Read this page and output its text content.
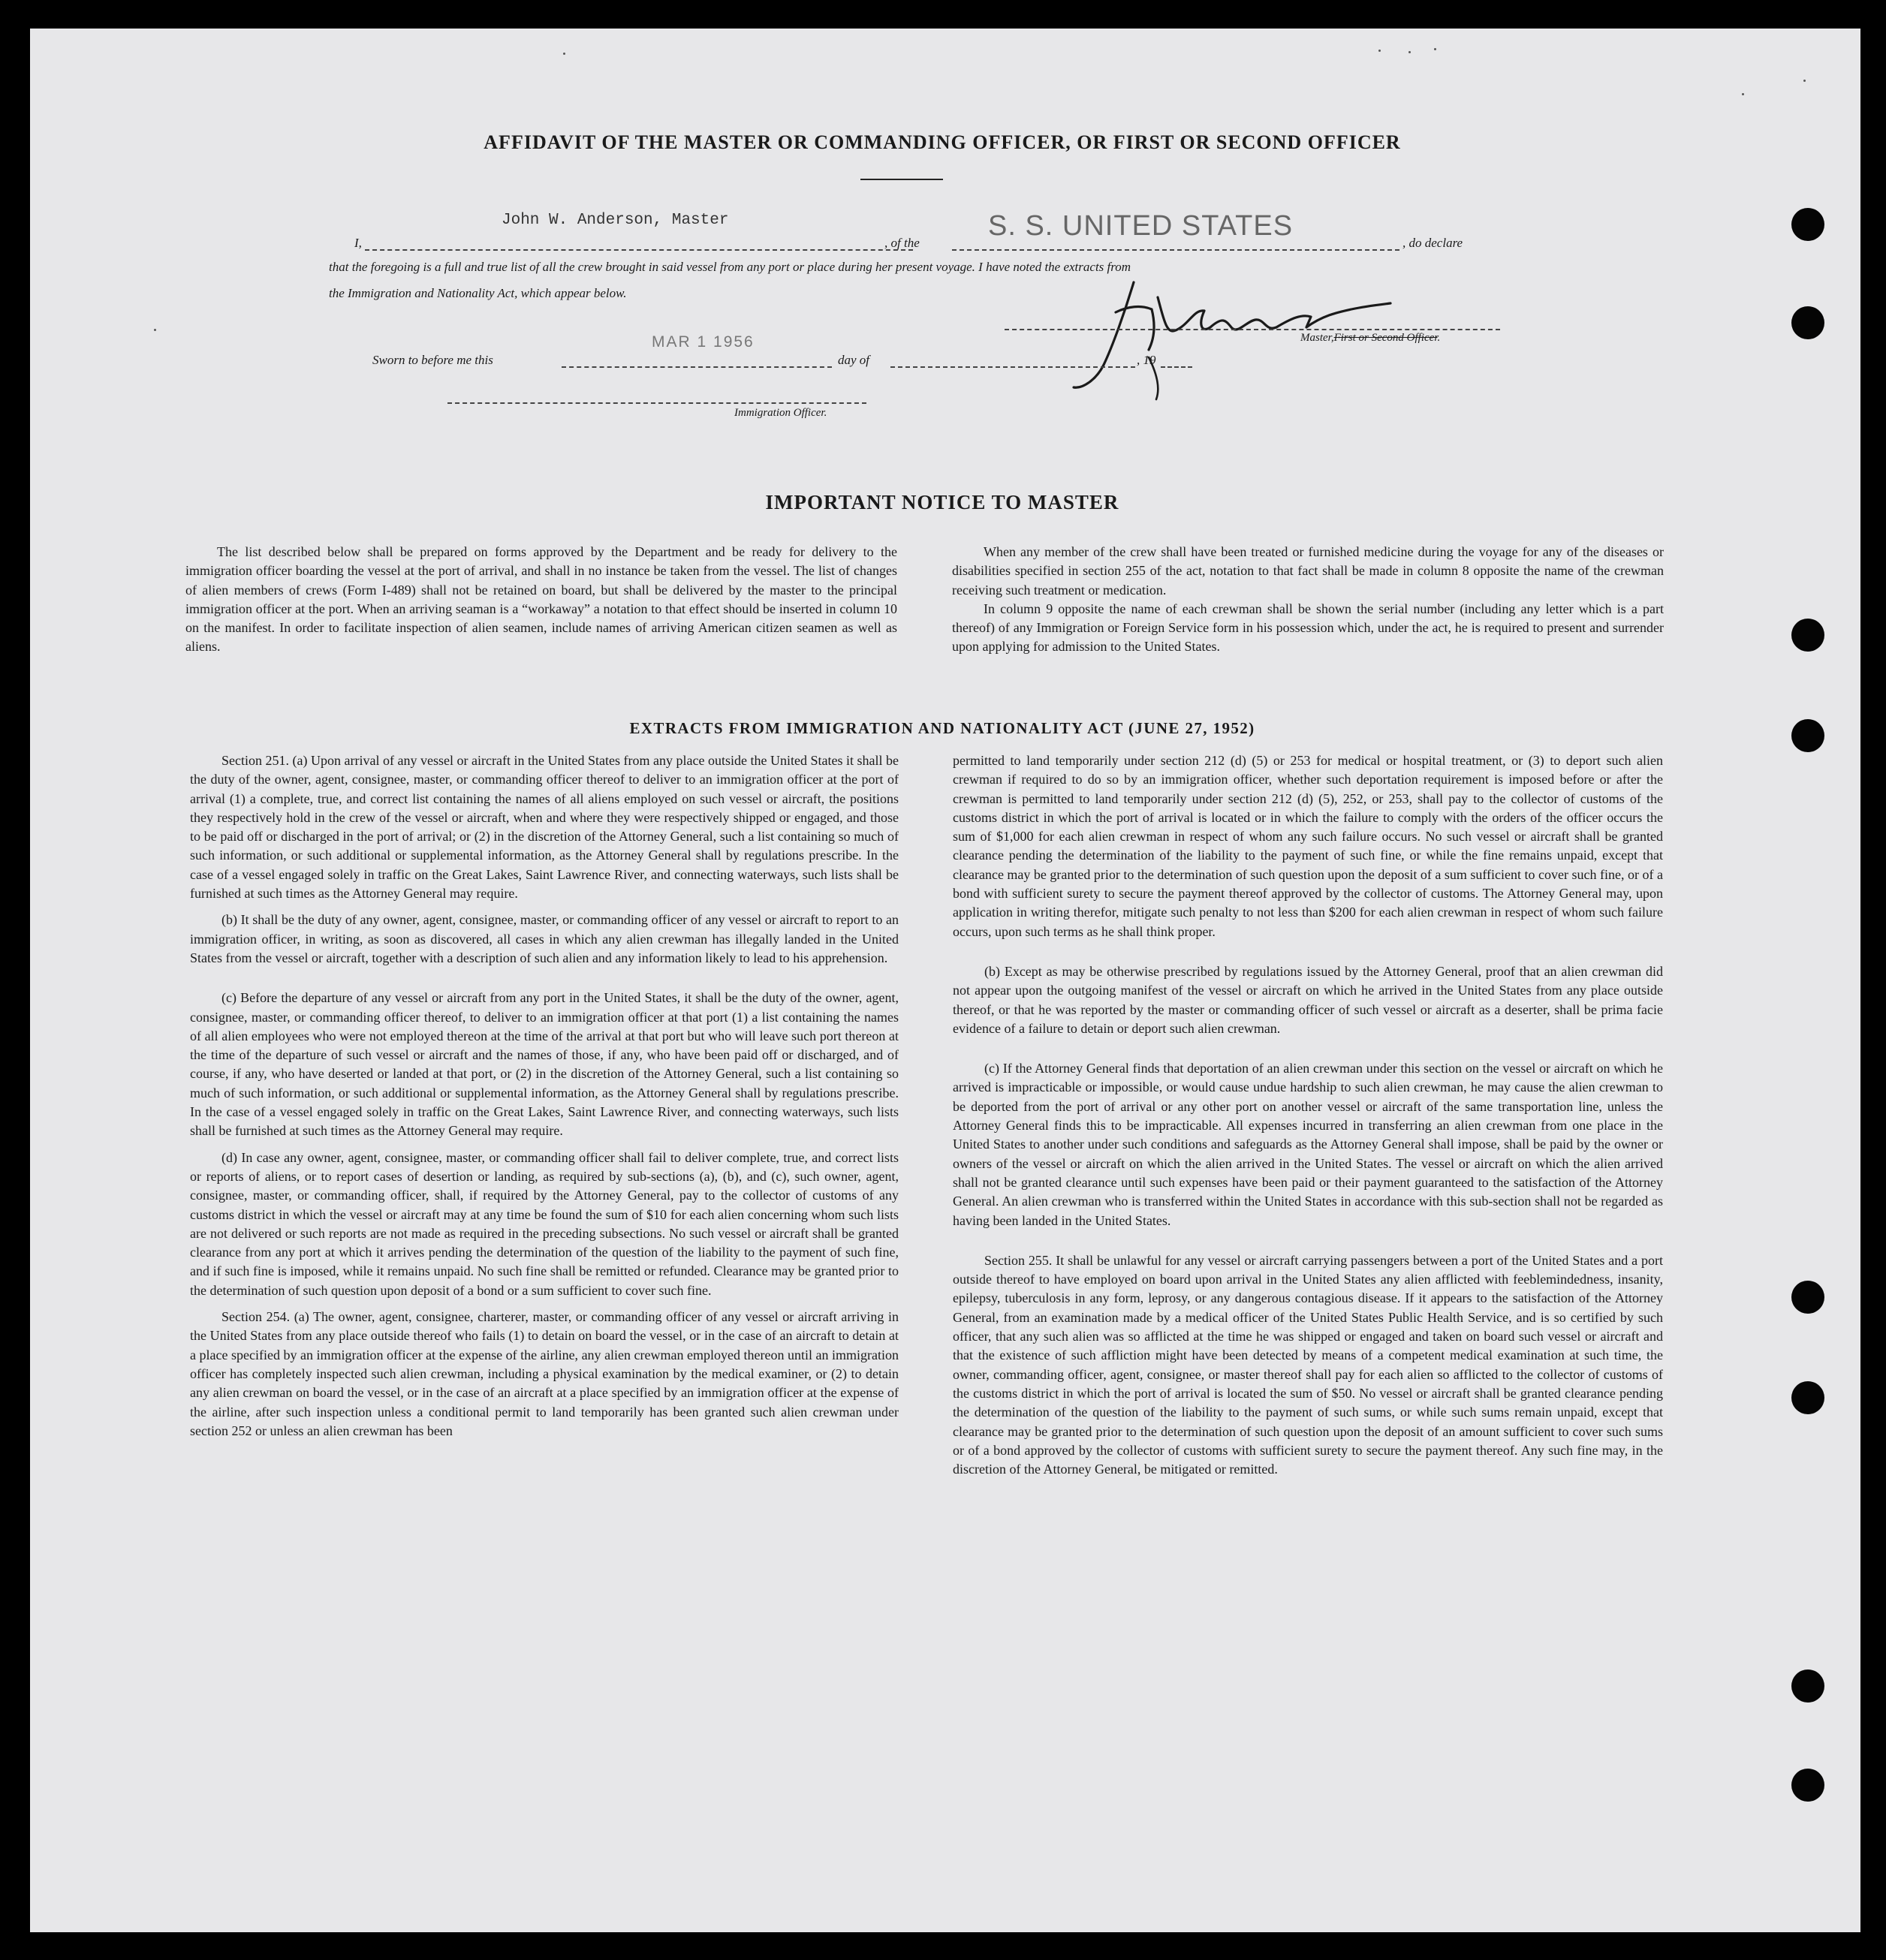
AFFIDAVIT OF THE MASTER OR COMMANDING OFFICER, OR FIRST OR SECOND OFFICER
I,
John W. Anderson, Master
, of the
S. S. UNITED STATES
, do declare
that the foregoing is a full and true list of all the crew brought in said vessel from any port or place during her present voyage. I have noted the extracts from
the Immigration and Nationality Act, which appear below.
Master,First or Second Officer.
Sworn to before me this
MAR 1 1956
day of	, 19
Immigration Officer.
IMPORTANT NOTICE TO MASTER

The list described below shall be prepared on forms approved by the Department and be ready for delivery to the immigration officer boarding the vessel at the port of arrival, and shall in no instance be taken from the vessel. The list of changes of alien members of crews (Form I-489) shall not be retained on board, but shall be delivered by the master to the principal immigration officer at the port. When an arriving seaman is a “workaway” a notation to that effect should be inserted in column 10 on the manifest. In order to facilitate inspection of alien seamen, include names of arriving American citizen seamen as well as aliens.

When any member of the crew shall have been treated or furnished medicine during the voyage for any of the diseases or disabilities specified in section 255 of the act, notation to that fact shall be made in column 8 opposite the name of the crewman receiving such treatment or medication.

In column 9 opposite the name of each crewman shall be shown the serial number (including any letter which is a part thereof) of any Immigration or Foreign Service form in his possession which, under the act, he is required to present and surrender upon applying for admission to the United States.

EXTRACTS FROM IMMIGRATION AND NATIONALITY ACT (JUNE 27, 1952)

Section 251. (a) Upon arrival of any vessel or aircraft in the United States from any place outside the United States it shall be the duty of the owner, agent, consignee, master, or commanding officer thereof to deliver to an immigration officer at the port of arrival (1) a complete, true, and correct list containing the names of all aliens employed on such vessel or aircraft, the positions they respectively hold in the crew of the vessel or aircraft, when and where they were respectively shipped or engaged, and those to be paid off or discharged in the port of arrival; or (2) in the discretion of the Attorney General, such a list containing so much of such information, or such additional or supplemental information, as the Attorney General shall by regulations prescribe. In the case of a vessel engaged solely in traffic on the Great Lakes, Saint Lawrence River, and connecting waterways, such lists shall be furnished at such times as the Attorney General may require.

(b) It shall be the duty of any owner, agent, consignee, master, or commanding officer of any vessel or aircraft to report to an immigration officer, in writing, as soon as discovered, all cases in which any alien crewman has illegally landed in the United States from the vessel or aircraft, together with a description of such alien and any information likely to lead to his apprehension.

(c) Before the departure of any vessel or aircraft from any port in the United States, it shall be the duty of the owner, agent, consignee, master, or commanding officer thereof, to deliver to an immigration officer at that port (1) a list containing the names of all alien employees who were not employed thereon at the time of the arrival at that port but who will leave such port thereon at the time of the departure of such vessel or aircraft and the names of those, if any, who have been paid off or discharged, and of course, if any, who have deserted or landed at that port, or (2) in the discretion of the Attorney General, such a list containing so much of such information, or such additional or supplemental information, as the Attorney General shall by regulations prescribe. In the case of a vessel engaged solely in traffic on the Great Lakes, Saint Lawrence River, and connecting waterways, such lists shall be furnished at such times as the Attorney General may require.

(d) In case any owner, agent, consignee, master, or commanding officer shall fail to deliver complete, true, and correct lists or reports of aliens, or to report cases of desertion or landing, as required by sub-sections (a), (b), and (c), such owner, agent, consignee, master, or commanding officer, shall, if required by the Attorney General, pay to the collector of customs of any customs district in which the vessel or aircraft may at any time be found the sum of $10 for each alien concerning whom such lists are not delivered or such reports are not made as required in the preceding subsections. No such vessel or aircraft shall be granted clearance from any port at which it arrives pending the determination of the question of the liability to the payment of such fine, and if such fine is imposed, while it remains unpaid. No such fine shall be remitted or refunded. Clearance may be granted prior to the determination of such question upon deposit of a bond or a sum sufficient to cover such fine.

Section 254. (a) The owner, agent, consignee, charterer, master, or commanding officer of any vessel or aircraft arriving in the United States from any place outside thereof who fails (1) to detain on board the vessel, or in the case of an aircraft to detain at a place specified by an immigration officer at the expense of the airline, any alien crewman employed thereon until an immigration officer has completely inspected such alien crewman, including a physical examination by the medical examiner, or (2) to detain any alien crewman on board the vessel, or in the case of an aircraft at a place specified by an immigration officer at the expense of the airline, after such inspection unless a conditional permit to land temporarily has been granted such alien crewman under section 252 or unless an alien crewman has been

permitted to land temporarily under section 212 (d) (5) or 253 for medical or hospital treatment, or (3) to deport such alien crewman if required to do so by an immigration officer, whether such deportation requirement is imposed before or after the crewman is permitted to land temporarily under section 212 (d) (5), 252, or 253, shall pay to the collector of customs of the customs district in which the port of arrival is located or in which the failure to comply with the orders of the officer occurs the sum of $1,000 for each alien crewman in respect of whom any such failure occurs. No such vessel or aircraft shall be granted clearance pending the determination of the liability to the payment of such fine, or while the fine remains unpaid, except that clearance may be granted prior to the determination of such question upon the deposit of a sum sufficient to cover such fine, or of a bond with sufficient surety to secure the payment thereof approved by the collector of customs. The Attorney General may, upon application in writing therefor, mitigate such penalty to not less than $200 for each alien crewman in respect of whom such failure occurs, upon such terms as he shall think proper.

(b) Except as may be otherwise prescribed by regulations issued by the Attorney General, proof that an alien crewman did not appear upon the outgoing manifest of the vessel or aircraft on which he arrived in the United States from any place outside thereof, or that he was reported by the master or commanding officer of such vessel or aircraft as a deserter, shall be prima facie evidence of a failure to detain or deport such alien crewman.

(c) If the Attorney General finds that deportation of an alien crewman under this section on the vessel or aircraft on which he arrived is impracticable or impossible, or would cause undue hardship to such alien crewman, he may cause the alien crewman to be deported from the port of arrival or any other port on another vessel or aircraft of the same transportation line, unless the Attorney General finds this to be impracticable. All expenses incurred in transferring an alien crewman from one place in the United States to another under such conditions and safeguards as the Attorney General shall impose, shall be paid by the owner or owners of the vessel or aircraft on which the alien arrived in the United States. The vessel or aircraft on which the alien arrived shall not be granted clearance until such expenses have been paid or their payment guaranteed to the satisfaction of the Attorney General. An alien crewman who is transferred within the United States in accordance with this sub-section shall not be regarded as having been landed in the United States.

Section 255. It shall be unlawful for any vessel or aircraft carrying passengers between a port of the United States and a port outside thereof to have employed on board upon arrival in the United States any alien afflicted with feeblemindedness, insanity, epilepsy, tuberculosis in any form, leprosy, or any dangerous contagious disease. If it appears to the satisfaction of the Attorney General, from an examination made by a medical officer of the United States Public Health Service, and is so certified by such officer, that any such alien was so afflicted at the time he was shipped or engaged and taken on board such vessel or aircraft and that the existence of such affliction might have been detected by means of a competent medical examination at such time, the owner, commanding officer, agent, consignee, or master thereof shall pay for each alien so afflicted to the collector of customs of the customs district in which the port of arrival is located the sum of $50. No vessel or aircraft shall be granted clearance pending the determination of the question of the liability to the payment of such sums, or while such sums remain unpaid, except that clearance may be granted prior to the determination of such question upon the deposit of an amount sufficient to cover such sums or of a bond approved by the collector of customs with sufficient surety to secure the payment thereof. Any such fine may, in the discretion of the Attorney General, be mitigated or remitted.
